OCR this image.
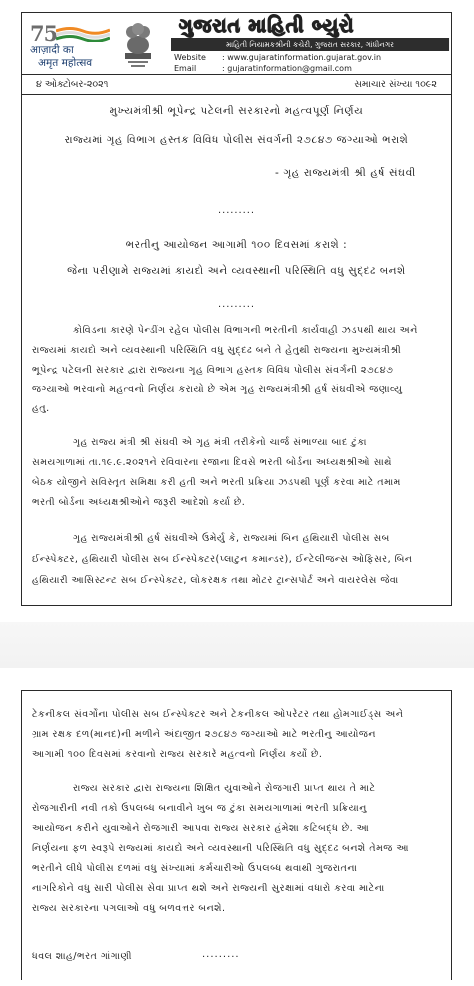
75
आज़ादी का
अमृत महोत्सव
ગુજરાત માહિતી બ્યુરો
માહિતી નિયામકશ્રીની કચેરી, ગુજરાત સરકાર, ગાંધીનગર
Website : www.gujaratinformation.gujarat.gov.in
Email	: gujaratinformation@gmail.com
૪ ઓક્ટોબર-૨૦૨૧	સમાચાર સંખ્યા ૧૦૯૨
મુખ્યમંત્રીશ્રી ભૂપેન્દ્ર પટેલની સરકારનો મહત્વપૂર્ણ નિર્ણય
રાજ્યમાં ગૃહ વિભાગ હસ્તક વિવિધ પોલીસ સંવર્ગની ૨૭૮૪૭ જગ્યાઓ ભરાશે
- ગૃહ રાજ્યમંત્રી શ્રી હર્ષ સંઘવી
.........
ભરતીનુ આયોજન આગામી ૧૦૦ દિવસમાં કરાશે :
જેના પરીણામે રાજ્યમાં કાયદો અને વ્યવસ્થાની પરિસ્થિતિ વધુ સુદ્દઢ બનશે
.........
કોવિડના કારણે પેન્ડીંગ રહેલ પોલીસ વિભાગની ભરતીની કાર્યવાહી ઝડપથી થાય અને
રાજ્યમાં કાયદો અને વ્યવસ્થાની પરિસ્થિતિ વધુ સુદ્દઢ બને તે હેતુથી રાજ્યના મુખ્યમંત્રીશ્રી
ભૂપેન્દ્ર પટેલની સરકાર દ્વારા રાજ્યના ગૃહ વિભાગ હસ્તક વિવિધ પોલીસ સંવર્ગની ૨૭૮૪૭
જગ્યાઓ ભરવાનો મહત્વનો નિર્ણય કરાયો છે એમ ગૃહ રાજ્યમંત્રીશ્રી હર્ષ સંઘવીએ જણાવ્યુ
હતુ.
ગૃહ રાજ્ય મંત્રી શ્રી સંઘવી એ ગૃહ મંત્રી તરીકેનો ચાર્જ સંભાળ્યા બાદ ટુંકા
સમયગાળામાં તા.૧૯.૯.૨૦૨૧ને રવિવારના રજાના દિવસે ભરતી બોર્ડના અધ્યક્ષશ્રીઓ સાથે
બેઠક યોજીને સવિસ્તૃત સમિક્ષા કરી હતી અને ભરતી પ્રક્રિયા ઝડપથી પૂર્ણ કરવા માટે તમામ
ભરતી બોર્ડના અધ્યક્ષશ્રીઓને જરૂરી આદેશો કર્યા છે.
ગૃહ રાજ્યમંત્રીશ્રી હર્ષ સંઘવીએ ઉમેર્યુ કે, રાજ્યમાં બિન હથિયારી પોલીસ સબ
ઈન્સ્પેક્ટર, હથિયારી પોલીસ સબ ઈન્સ્પેક્ટર(પ્લાટુન કમાન્ડર), ઈન્ટેલીજન્સ ઓફિસર, બિન
હથિયારી આસિસ્ટન્ટ સબ ઈન્સ્પેક્ટર, લોકરક્ષક તથા મોટર ટ્રાન્સપોર્ટ અને વાયરલેસ જેવા
ટેકનીકલ સંવર્ગોના પોલીસ સબ ઈન્સ્પેક્ટર અને ટેકનીકલ ઓપરેટર તથા હોમગાઈડ્સ અને
ગ્રામ રક્ષક દળ(માનદ)ની મળીને અંદાજીત ૨૭૮૪૭ જગ્યાઓ માટે ભરતીનુ આયોજન
આગામી ૧૦૦ દિવસમાં કરવાનો રાજ્ય સરકારે મહત્વનો નિર્ણય કર્યો છે.
રાજ્ય સરકાર દ્વારા રાજ્યના શિક્ષિત યુવાઓને રોજગારી પ્રાપ્ત થાય તે માટે
રોજગારીની નવી તકો ઉપલબ્ધ બનાવીને ખુબ જ ટુંકા સમયગાળામાં ભરતી પ્રક્રિયાનુ
આયોજન કરીને યુવાઓને રોજગારી આપવા રાજ્ય સરકાર હંમેશા કટિબદ્ધ છે. આ
નિર્ણયના ફળ સ્વરૂપે રાજ્યમાં કાયદો અને વ્યવસ્થાની પરિસ્થિતિ વધુ સુદ્દઢ બનશે તેમજ આ
ભરતીને લીધે પોલીસ દળમાં વધુ સંખ્યામાં કર્મચારીઓ ઉપલબ્ધ થવાથી ગુજરાતના
નાગરિકોને વધુ સારી પોલીસ સેવા પ્રાપ્ત થશે અને રાજ્યની સુરક્ષામાં વધારો કરવા માટેના
રાજ્ય સરકારના પગલાઓ વધુ બળવત્તર બનશે.
ધવલ શાહ/ભરત ગાંગાણી	.........
